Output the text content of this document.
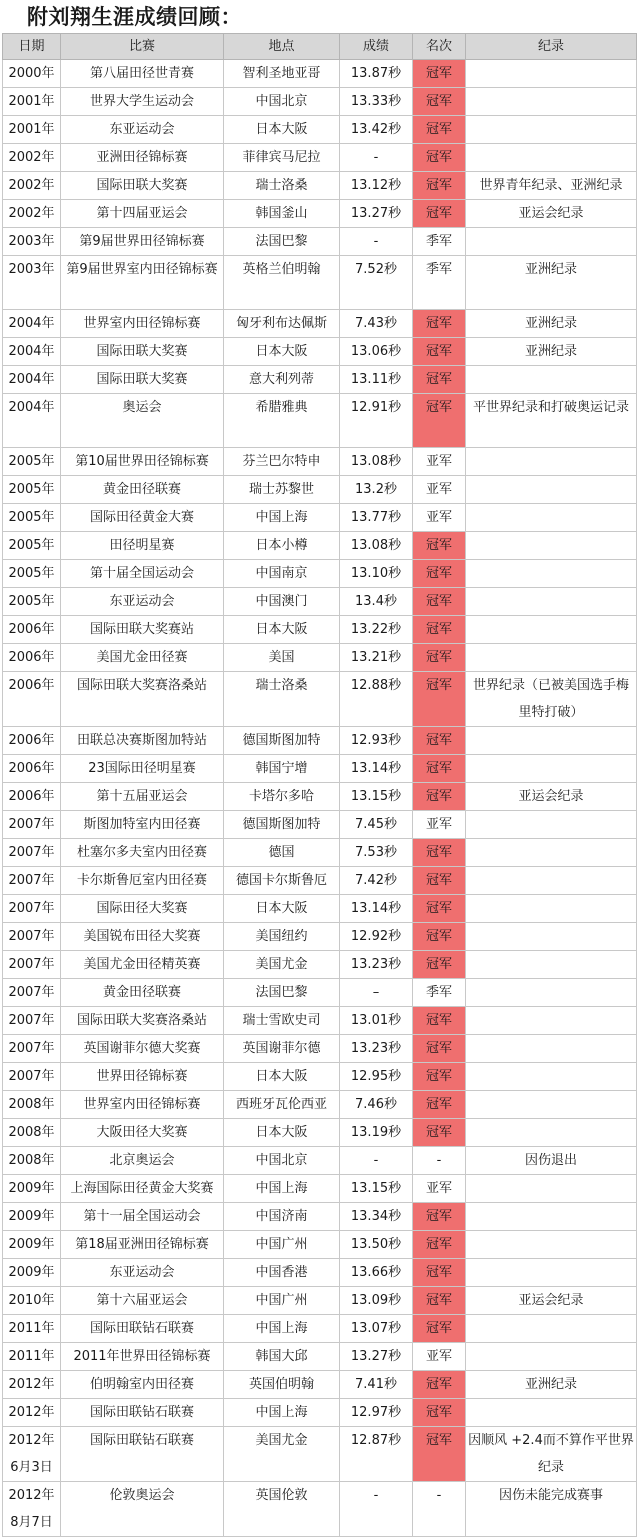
附刘翔生涯成绩回顾：
日期	比赛	地点	成绩	名次	纪录
2000年	第八届田径世青赛	智利圣地亚哥	13.87秒	冠军	
2001年	世界大学生运动会	中国北京	13.33秒	冠军	
2001年	东亚运动会	日本大阪	13.42秒	冠军	
2002年	亚洲田径锦标赛	菲律宾马尼拉	-	冠军	
2002年	国际田联大奖赛	瑞士洛桑	13.12秒	冠军	世界青年纪录、亚洲纪录
2002年	第十四届亚运会	韩国釜山	13.27秒	冠军	亚运会纪录
2003年	第9届世界田径锦标赛	法国巴黎	-	季军	
2003年	第9届世界室内田径锦标赛	英格兰伯明翰	7.52秒	季军	亚洲纪录
2004年	世界室内田径锦标赛	匈牙利布达佩斯	7.43秒	冠军	亚洲纪录
2004年	国际田联大奖赛	日本大阪	13.06秒	冠军	亚洲纪录
2004年	国际田联大奖赛	意大利列蒂	13.11秒	冠军	
2004年	奥运会	希腊雅典	12.91秒	冠军	平世界纪录和打破奥运记录
2005年	第10届世界田径锦标赛	芬兰巴尔特申	13.08秒	亚军	
2005年	黄金田径联赛	瑞士苏黎世	13.2秒	亚军	
2005年	国际田径黄金大赛	中国上海	13.77秒	亚军	
2005年	田径明星赛	日本小樽	13.08秒	冠军	
2005年	第十届全国运动会	中国南京	13.10秒	冠军	
2005年	东亚运动会	中国澳门	13.4秒	冠军	
2006年	国际田联大奖赛站	日本大阪	13.22秒	冠军	
2006年	美国尤金田径赛	美国	13.21秒	冠军	
2006年	国际田联大奖赛洛桑站	瑞士洛桑	12.88秒	冠军	世界纪录（已被美国选手梅里特打破）
2006年	田联总决赛斯图加特站	德国斯图加特	12.93秒	冠军	
2006年	23国际田径明星赛	韩国宁增	13.14秒	冠军	
2006年	第十五届亚运会	卡塔尔多哈	13.15秒	冠军	亚运会纪录
2007年	斯图加特室内田径赛	德国斯图加特	7.45秒	亚军	
2007年	杜塞尔多夫室内田径赛	德国	7.53秒	冠军	
2007年	卡尔斯鲁厄室内田径赛	德国卡尔斯鲁厄	7.42秒	冠军	
2007年	国际田径大奖赛	日本大阪	13.14秒	冠军	
2007年	美国锐布田径大奖赛	美国纽约	12.92秒	冠军	
2007年	美国尤金田径精英赛	美国尤金	13.23秒	冠军	
2007年	黄金田径联赛	法国巴黎	–	季军	
2007年	国际田联大奖赛洛桑站	瑞士雪欧史司	13.01秒	冠军	
2007年	英国谢菲尔德大奖赛	英国谢菲尔德	13.23秒	冠军	
2007年	世界田径锦标赛	日本大阪	12.95秒	冠军	
2008年	世界室内田径锦标赛	西班牙瓦伦西亚	7.46秒	冠军	
2008年	大阪田径大奖赛	日本大阪	13.19秒	冠军	
2008年	北京奥运会	中国北京	-	-	因伤退出
2009年	上海国际田径黄金大奖赛	中国上海	13.15秒	亚军	
2009年	第十一届全国运动会	中国济南	13.34秒	冠军	
2009年	第18届亚洲田径锦标赛	中国广州	13.50秒	冠军	
2009年	东亚运动会	中国香港	13.66秒	冠军	
2010年	第十六届亚运会	中国广州	13.09秒	冠军	亚运会纪录
2011年	国际田联钻石联赛	中国上海	13.07秒	冠军	
2011年	2011年世界田径锦标赛	韩国大邱	13.27秒	亚军	
2012年	伯明翰室内田径赛	英国伯明翰	7.41秒	冠军	亚洲纪录
2012年	国际田联钻石联赛	中国上海	12.97秒	冠军	
2012年6月3日	国际田联钻石联赛	美国尤金	12.87秒	冠军	因顺风 +2.4而不算作平世界纪录
2012年8月7日	伦敦奥运会	英国伦敦	-	-	因伤未能完成赛事
